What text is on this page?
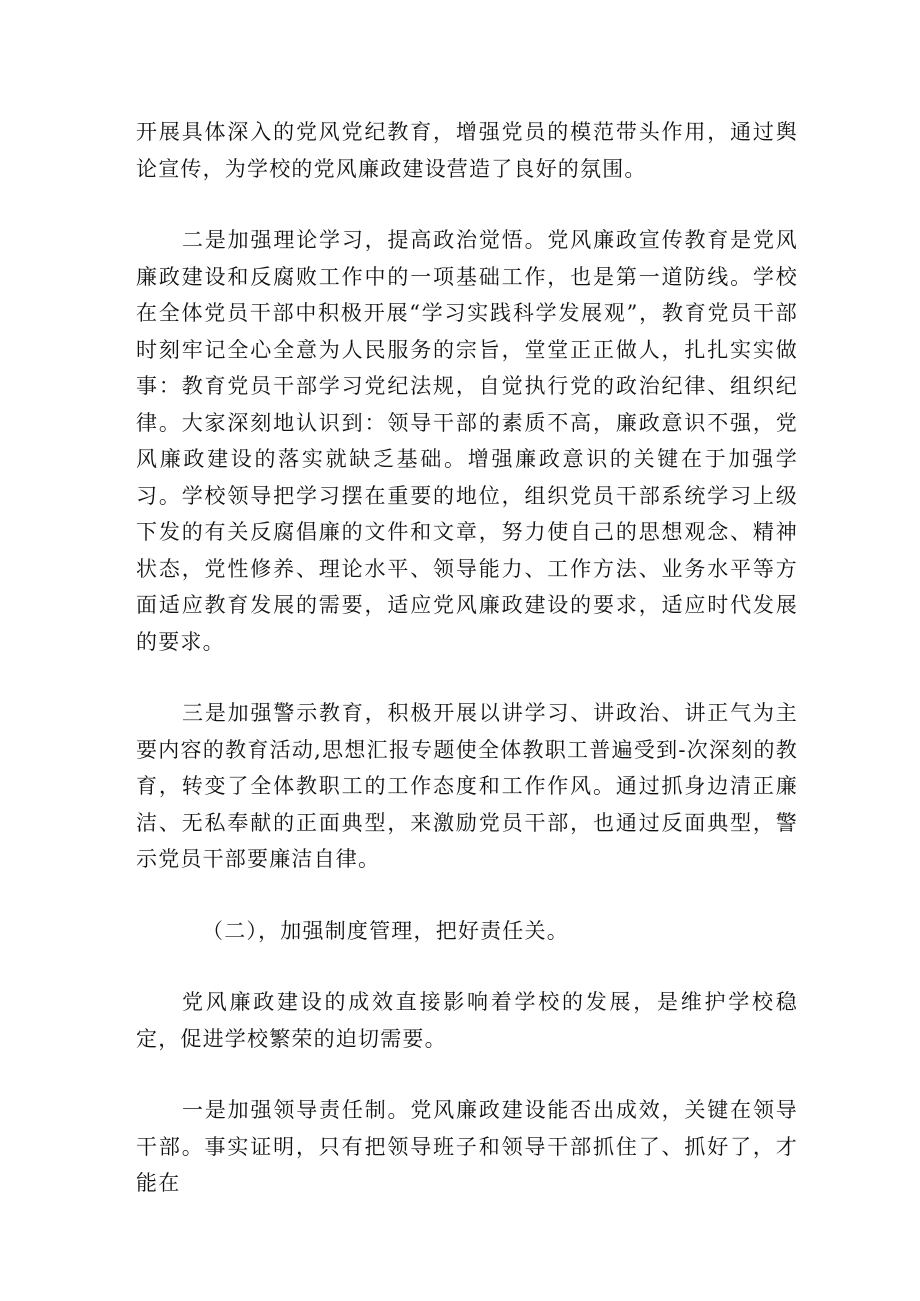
开展具体深入的党风党纪教育，增强党员的模范带头作用，通过舆论宣传，为学校的党风廉政建设营造了良好的氛围。

二是加强理论学习，提高政治觉悟。党风廉政宣传教育是党风廉政建设和反腐败工作中的一项基础工作，也是第一道防线。学校在全体党员干部中积极开展“学习实践科学发展观”，教育党员干部时刻牢记全心全意为人民服务的宗旨，堂堂正正做人，扎扎实实做事：教育党员干部学习党纪法规，自觉执行党的政治纪律、组织纪律。大家深刻地认识到：领导干部的素质不高，廉政意识不强，党风廉政建设的落实就缺乏基础。增强廉政意识的关键在于加强学习。学校领导把学习摆在重要的地位，组织党员干部系统学习上级下发的有关反腐倡廉的文件和文章，努力使自己的思想观念、精神状态，党性修养、理论水平、领导能力、工作方法、业务水平等方面适应教育发展的需要，适应党风廉政建设的要求，适应时代发展的要求。

三是加强警示教育，积极开展以讲学习、讲政治、讲正气为主要内容的教育活动,思想汇报专题使全体教职工普遍受到-次深刻的教育，转变了全体教职工的工作态度和工作作风。通过抓身边清正廉洁、无私奉献的正面典型，来激励党员干部，也通过反面典型，警示党员干部要廉洁自律。

（二），加强制度管理，把好责任关。

党风廉政建设的成效直接影响着学校的发展，是维护学校稳定，促进学校繁荣的迫切需要。

一是加强领导责任制。党风廉政建设能否出成效，关键在领导干部。事实证明，只有把领导班子和领导干部抓住了、抓好了，才能在
